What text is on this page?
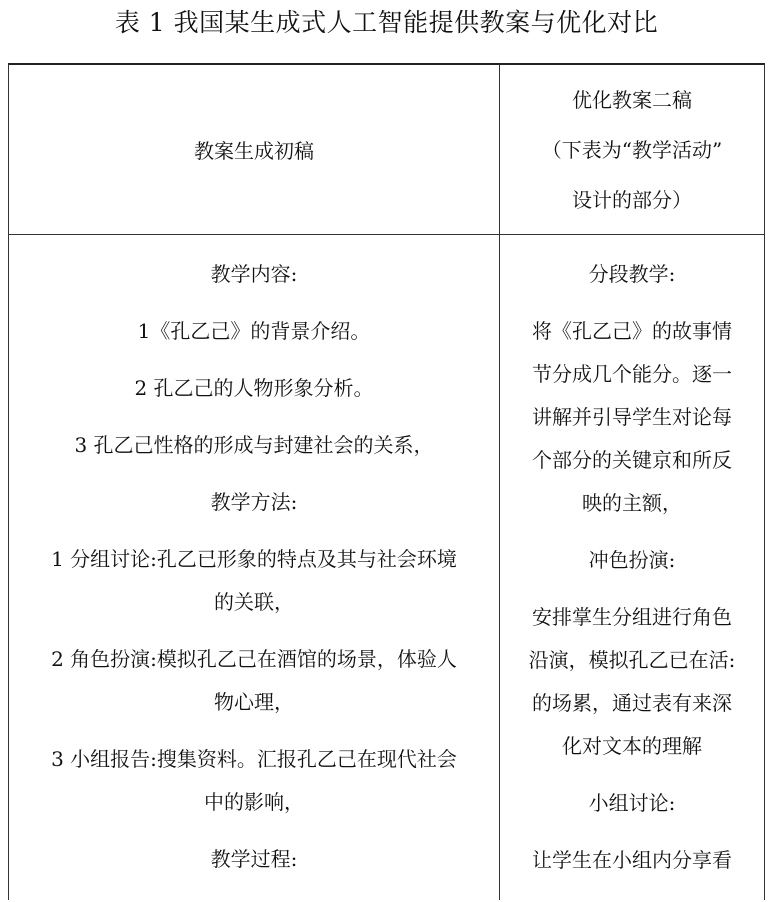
表 1 我国某生成式人工智能提供教案与优化对比
教案生成初稿
优化教案二稿
（下表为“教学活动”
设计的部分）
教学内容:
1《孔乙己》的背景介绍。
2 孔乙己的人物形象分析。
3 孔乙己性格的形成与封建社会的关系，
教学方法:
1 分组讨论:孔乙已形象的特点及其与社会环境
的关联，
2 角色扮演:模拟孔乙己在酒馆的场景，体验人
物心理，
3 小组报告:搜集资料。汇报孔乙己在现代社会
中的影响，
教学过程:
分段教学:
将《孔乙己》的故事情
节分成几个能分。逐一
讲解并引导学生对论每
个部分的关键京和所反
映的主额，
冲色扮演:
安排掌生分组进行角色
沿演，模拟孔乙已在活:
的场累，通过表有来深
化对文本的理解
小组讨论:
让学生在小组内分享看
